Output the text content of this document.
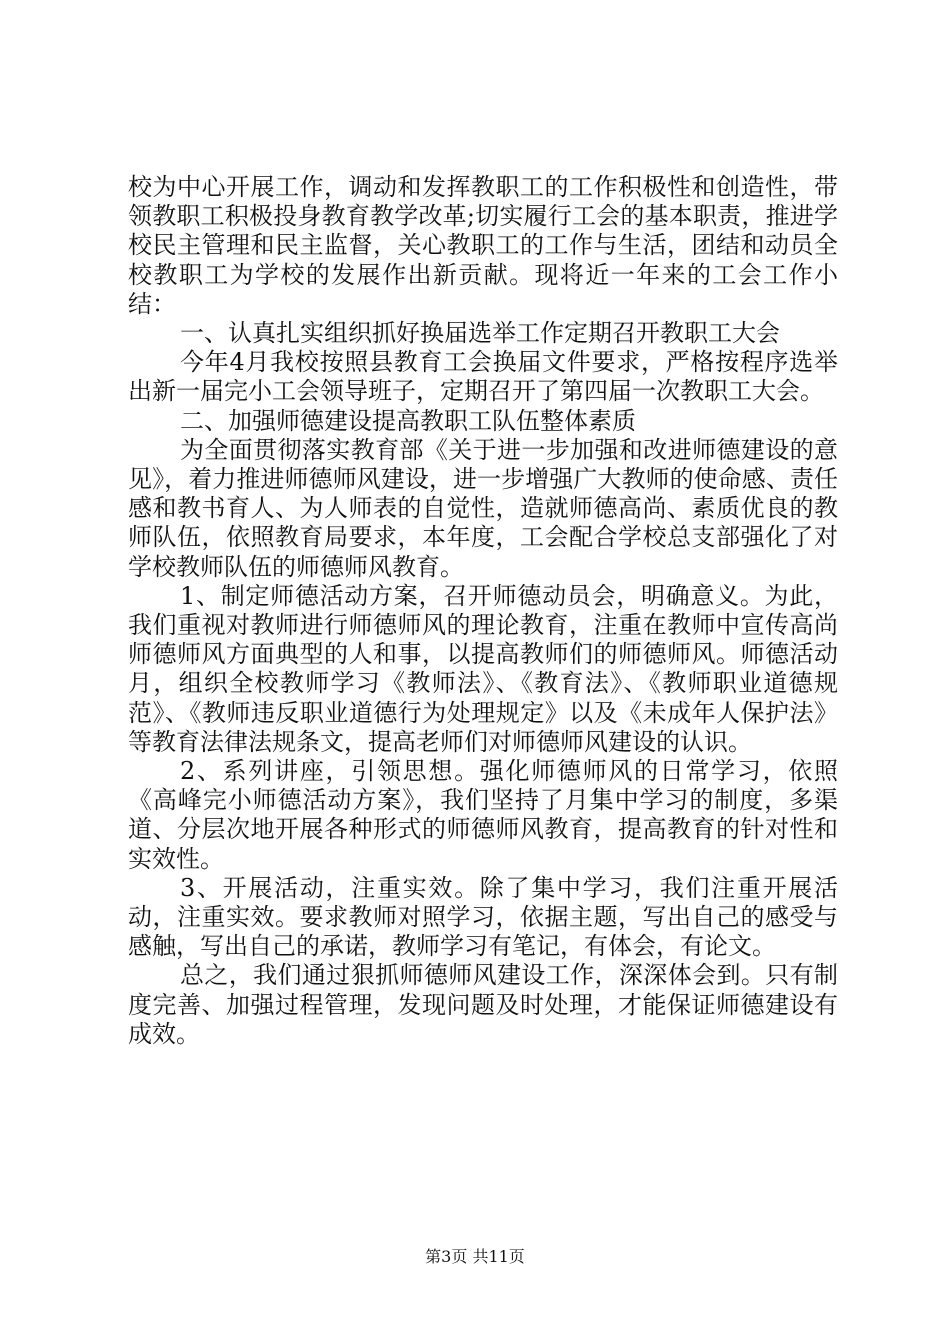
校为中心开展工作，调动和发挥教职工的工作积极性和创造性，带领教职工积极投身教育教学改革;切实履行工会的基本职责，推进学校民主管理和民主监督，关心教职工的工作与生活，团结和动员全校教职工为学校的发展作出新贡献。现将近一年来的工会工作小结：

一、认真扎实组织抓好换届选举工作定期召开教职工大会

今年4月我校按照县教育工会换届文件要求，严格按程序选举出新一届完小工会领导班子，定期召开了第四届一次教职工大会。

二、加强师德建设提高教职工队伍整体素质

为全面贯彻落实教育部《关于进一步加强和改进师德建设的意见》，着力推进师德师风建设，进一步增强广大教师的使命感、责任感和教书育人、为人师表的自觉性，造就师德高尚、素质优良的教师队伍，依照教育局要求，本年度，工会配合学校总支部强化了对学校教师队伍的师德师风教育。

1、制定师德活动方案，召开师德动员会，明确意义。为此，我们重视对教师进行师德师风的理论教育，注重在教师中宣传高尚师德师风方面典型的人和事，以提高教师们的师德师风。师德活动月，组织全校教师学习《教师法》、《教育法》、《教师职业道德规范》、《教师违反职业道德行为处理规定》以及《未成年人保护法》等教育法律法规条文，提高老师们对师德师风建设的认识。

2、系列讲座，引领思想。强化师德师风的日常学习，依照《高峰完小师德活动方案》，我们坚持了月集中学习的制度，多渠道、分层次地开展各种形式的师德师风教育，提高教育的针对性和实效性。

3、开展活动，注重实效。除了集中学习，我们注重开展活动，注重实效。要求教师对照学习，依据主题，写出自己的感受与感触，写出自己的承诺，教师学习有笔记，有体会，有论文。

总之，我们通过狠抓师德师风建设工作，深深体会到。只有制度完善、加强过程管理，发现问题及时处理，才能保证师德建设有成效。

第3页 共11页
